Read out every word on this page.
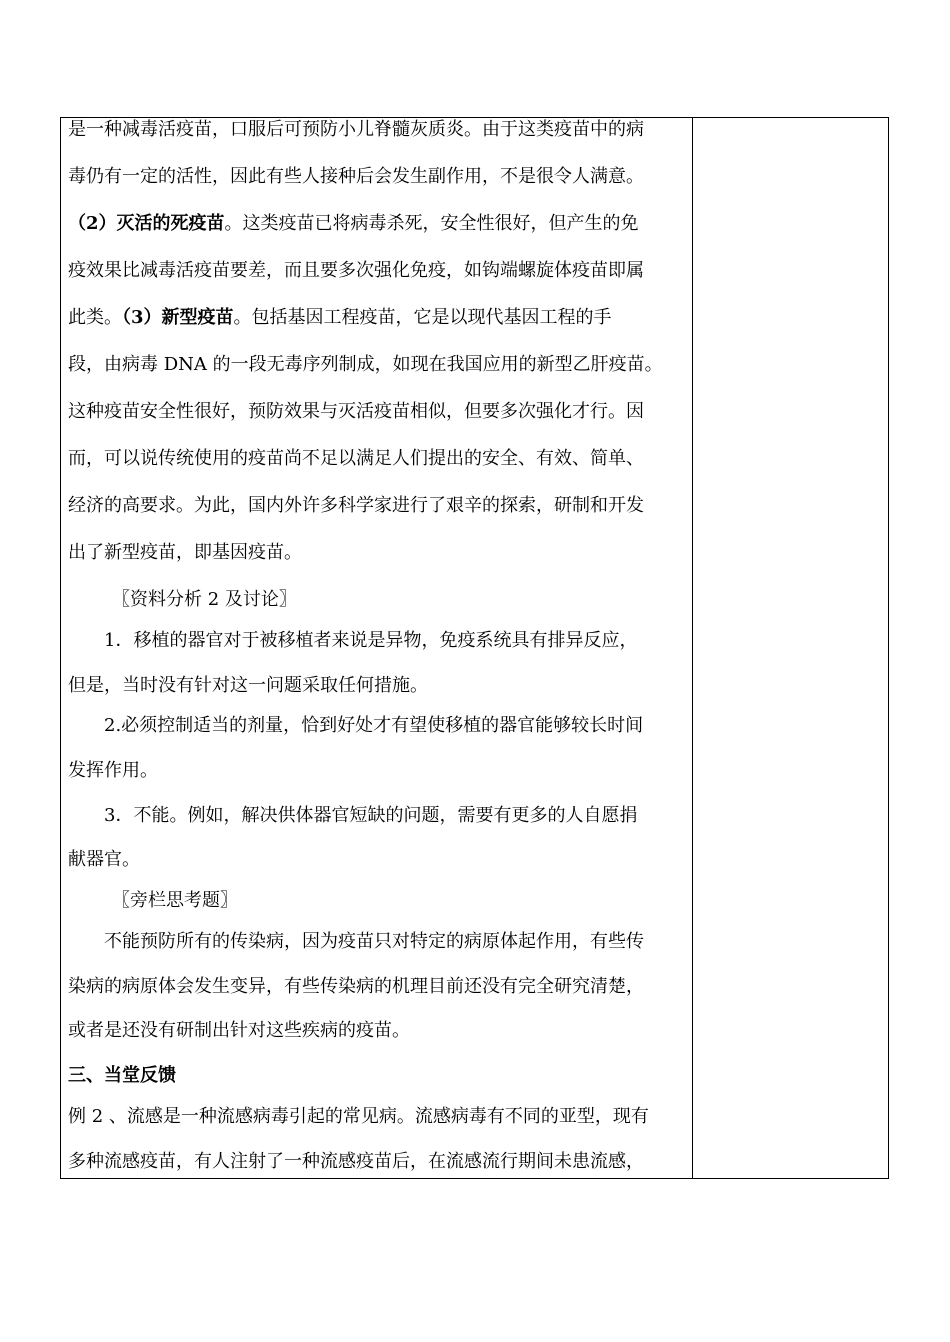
是一种减毒活疫苗，口服后可预防小儿脊髓灰质炎。由于这类疫苗中的病
毒仍有一定的活性，因此有些人接种后会发生副作用，不是很令人满意。
（2）灭活的死疫苗。这类疫苗已将病毒杀死，安全性很好，但产生的免
疫效果比减毒活疫苗要差，而且要多次强化免疫，如钩端螺旋体疫苗即属
此类。（3）新型疫苗。包括基因工程疫苗，它是以现代基因工程的手
段，由病毒 DNA 的一段无毒序列制成，如现在我国应用的新型乙肝疫苗。
这种疫苗安全性很好，预防效果与灭活疫苗相似，但要多次强化才行。因
而，可以说传统使用的疫苗尚不足以满足人们提出的安全、有效、简单、
经济的高要求。为此，国内外许多科学家进行了艰辛的探索，研制和开发
出了新型疫苗，即基因疫苗。
〖资料分析 2 及讨论〗
1．移植的器官对于被移植者来说是异物，免疫系统具有排异反应，
但是，当时没有针对这一问题采取任何措施。
2.必须控制适当的剂量，恰到好处才有望使移植的器官能够较长时间
发挥作用。
3．不能。例如，解决供体器官短缺的问题，需要有更多的人自愿捐
献器官。
〖旁栏思考题〗
不能预防所有的传染病，因为疫苗只对特定的病原体起作用，有些传
染病的病原体会发生变异，有些传染病的机理目前还没有完全研究清楚，
或者是还没有研制出针对这些疾病的疫苗。
三、当堂反馈
例 2 、流感是一种流感病毒引起的常见病。流感病毒有不同的亚型，现有
多种流感疫苗，有人注射了一种流感疫苗后，在流感流行期间未患流感，
